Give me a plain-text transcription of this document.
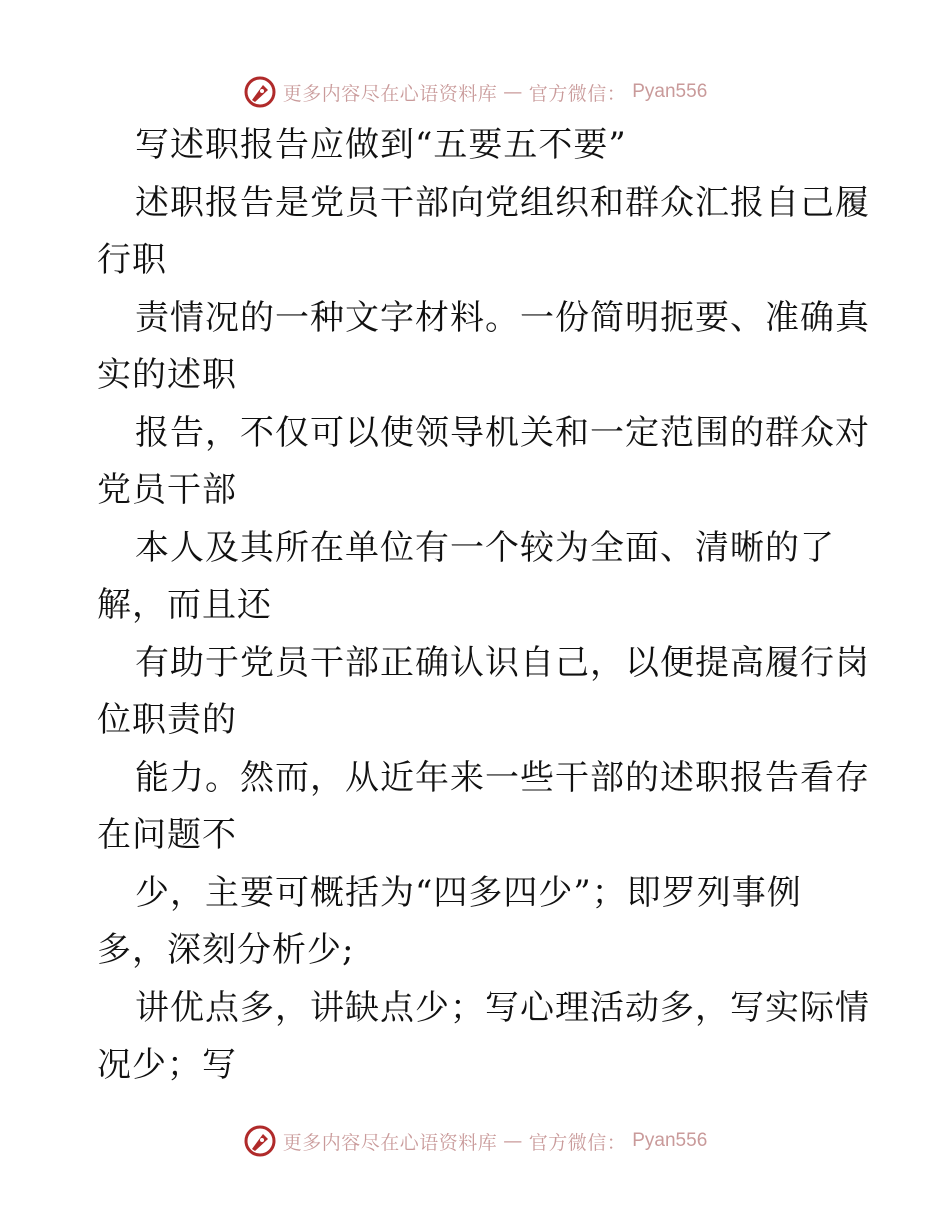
更多内容尽在心语资料库 — 官方微信： Pyan556
写述职报告应做到“五要五不要”
述职报告是党员干部向党组织和群众汇报自己履
行职
责情况的一种文字材料。一份简明扼要、准确真
实的述职
报告，不仅可以使领导机关和一定范围的群众对
党员干部
本人及其所在单位有一个较为全面、清晰的了
解，而且还
有助于党员干部正确认识自己，以便提高履行岗
位职责的
能力。然而，从近年来一些干部的述职报告看存
在问题不
少，主要可概括为“四多四少”；即罗列事例
多，深刻分析少;
讲优点多，讲缺点少；写心理活动多，写实际情
况少；写
更多内容尽在心语资料库 — 官方微信： Pyan556
